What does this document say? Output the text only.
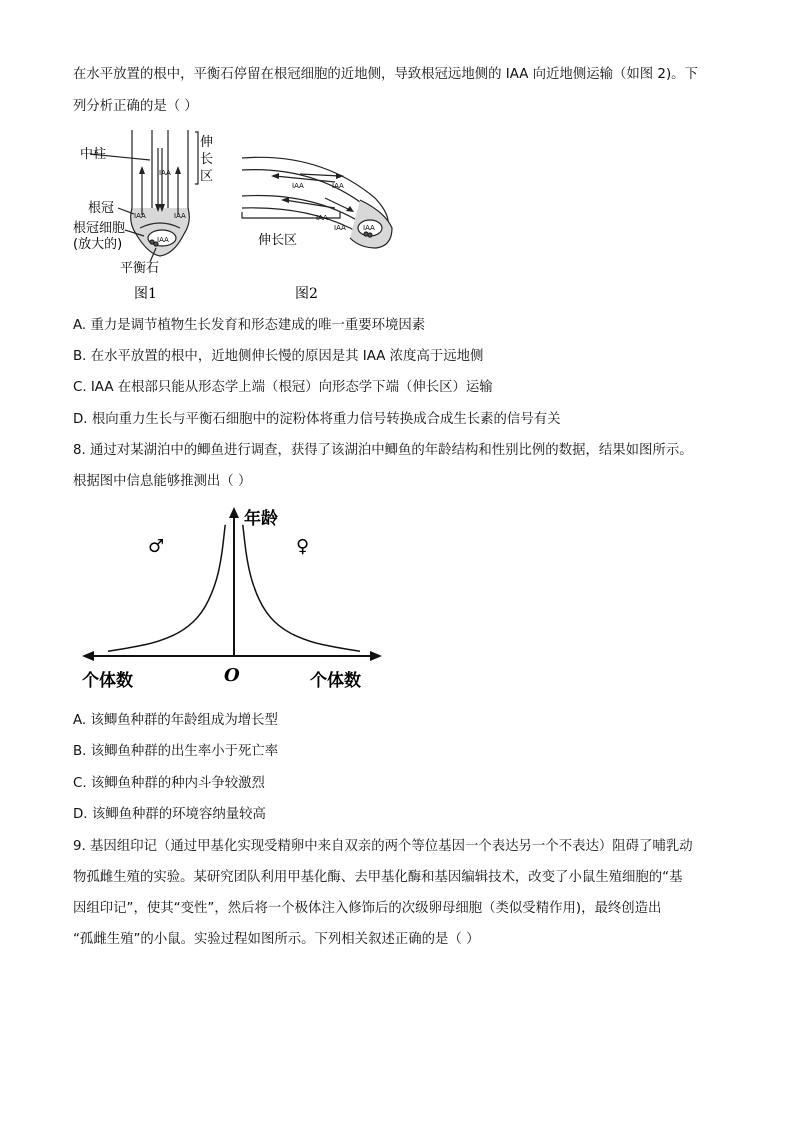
在水平放置的根中，平衡石停留在根冠细胞的近地侧，导致根冠远地侧的 IAA 向近地侧运输（如图 2)。下
列分析正确的是（ ）
中柱
根冠
根冠细胞
(放大的)
平衡石
伸
长
区
IAA
IAA	IAA
IAA
IAA	IAA
IAA
IAA IAA
伸长区
图1	图2
A. 重力是调节植物生长发育和形态建成的唯一重要环境因素
B. 在水平放置的根中，近地侧伸长慢的原因是其 IAA 浓度高于远地侧
C. IAA 在根部只能从形态学上端（根冠）向形态学下端（伸长区）运输
D. 根向重力生长与平衡石细胞中的淀粉体将重力信号转换成合成生长素的信号有关
8. 通过对某湖泊中的鲫鱼进行调查，获得了该湖泊中鲫鱼的年龄结构和性别比例的数据，结果如图所示。
根据图中信息能够推测出（ ）
年龄
♂	♀
O
个体数	个体数
A. 该鲫鱼种群的年龄组成为增长型
B. 该鲫鱼种群的出生率小于死亡率
C. 该鲫鱼种群的种内斗争较激烈
D. 该鲫鱼种群的环境容纳量较高
9. 基因组印记（通过甲基化实现受精卵中来自双亲的两个等位基因一个表达另一个不表达）阻碍了哺乳动
物孤雌生殖的实验。某研究团队利用甲基化酶、去甲基化酶和基因编辑技术，改变了小鼠生殖细胞的“基
因组印记”，使其“变性”，然后将一个极体注入修饰后的次级卵母细胞（类似受精作用)，最终创造出
“孤雌生殖”的小鼠。实验过程如图所示。下列相关叙述正确的是（ ）
